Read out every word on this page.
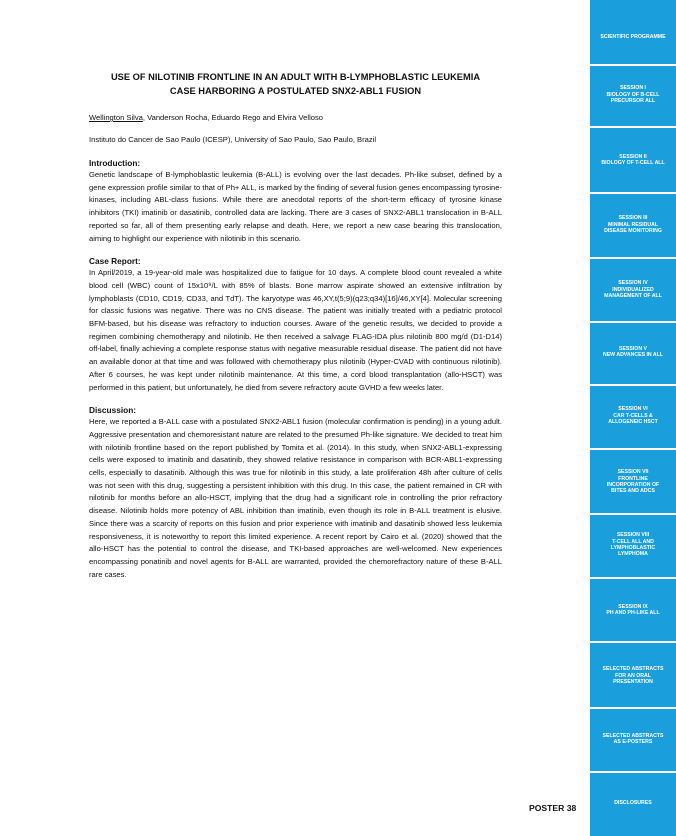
USE OF NILOTINIB FRONTLINE IN AN ADULT WITH B-LYMPHOBLASTIC LEUKEMIA
CASE HARBORING A POSTULATED SNX2-ABL1 FUSION

Wellington Silva, Vanderson Rocha, Eduardo Rego and Elvira Velloso

Instituto do Cancer de Sao Paulo (ICESP), University of Sao Paulo, Sao Paulo, Brazil

Introduction:

Genetic landscape of B-lymphoblastic leukemia (B-ALL) is evolving over the last decades. Ph-like subset, defined by a gene expression profile similar to that of Ph+ ALL, is marked by the finding of several fusion genes encompassing tyrosine-kinases, including ABL-class fusions. While there are anecdotal reports of the short-term efficacy of tyrosine kinase inhibitors (TKI) imatinib or dasatinib, controlled data are lacking. There are 3 cases of SNX2-ABL1 translocation in B-ALL reported so far, all of them presenting early relapse and death. Here, we report a new case bearing this translocation, aiming to highlight our experience with nilotinib in this scenario.

Case Report:

In April/2019, a 19-year-old male was hospitalized due to fatigue for 10 days. A complete blood count revealed a white blood cell (WBC) count of 15x10⁹/L with 85% of blasts. Bone marrow aspirate showed an extensive infiltration by lymphoblasts (CD10, CD19, CD33, and TdT). The karyotype was 46,XY,t(5;9)(q23;q34)[16]/46,XY[4]. Molecular screening for classic fusions was negative. There was no CNS disease. The patient was initially treated with a pediatric protocol BFM-based, but his disease was refractory to induction courses. Aware of the genetic results, we decided to provide a regimen combining chemotherapy and nilotinib. He then received a salvage FLAG-IDA plus nilotinib 800 mg/d (D1-D14) off-label, finally achieving a complete response status with negative measurable residual disease. The patient did not have an available donor at that time and was followed with chemotherapy plus nilotinib (Hyper-CVAD with continuous nilotinib). After 6 courses, he was kept under nilotinib maintenance. At this time, a cord blood transplantation (allo-HSCT) was performed in this patient, but unfortunately, he died from severe refractory acute GVHD a few weeks later.

Discussion:

Here, we reported a B-ALL case with a postulated SNX2-ABL1 fusion (molecular confirmation is pending) in a young adult. Aggressive presentation and chemoresistant nature are related to the presumed Ph-like signature. We decided to treat him with nilotinib frontline based on the report published by Tomita et al. (2014). In this study, when SNX2-ABL1-expressing cells were exposed to imatinib and dasatinib, they showed relative resistance in comparison with BCR-ABL1-expressing cells, especially to dasatinib. Although this was true for nilotinib in this study, a late proliferation 48h after culture of cells was not seen with this drug, suggesting a persistent inhibition with this drug. In this case, the patient remained in CR with nilotinib for months before an allo-HSCT, implying that the drug had a significant role in controlling the prior refractory disease. Nilotinib holds more potency of ABL inhibition than imatinib, even though its role in B-ALL treatment is elusive. Since there was a scarcity of reports on this fusion and prior experience with imatinib and dasatinib showed less leukemia responsiveness, it is noteworthy to report this limited experience. A recent report by Cairo et al. (2020) showed that the allo-HSCT has the potential to control the disease, and TKI-based approaches are well-welcomed. New experiences encompassing ponatinib and novel agents for B-ALL are warranted, provided the chemorefractory nature of these B-ALL rare cases.

POSTER 38
SCIENTIFIC PROGRAMME
SESSION I
BIOLOGY OF B-CELL
PRECURSOR ALL
SESSION II
BIOLOGY OF T-CELL ALL
SESSION III
MINIMAL RESIDUAL
DISEASE MONITORING
SESSION IV
INDIVIDUALIZED
MANAGEMENT OF ALL
SESSION V
NEW ADVANCES IN ALL
SESSION VI
CAR T-CELLS &
ALLOGENEIC HSCT
SESSION VII
FRONTLINE
INCORPORATION OF
BITES AND ADCS
SESSION VIII
T-CELL ALL AND
LYMPHOBLASTIC
LYMPHOMA
SESSION IX
PH AND PH-LIKE ALL
SELECTED ABSTRACTS
FOR AN ORAL
PRESENTATION
SELECTED ABSTRACTS
AS E-POSTERS
DISCLOSURES
